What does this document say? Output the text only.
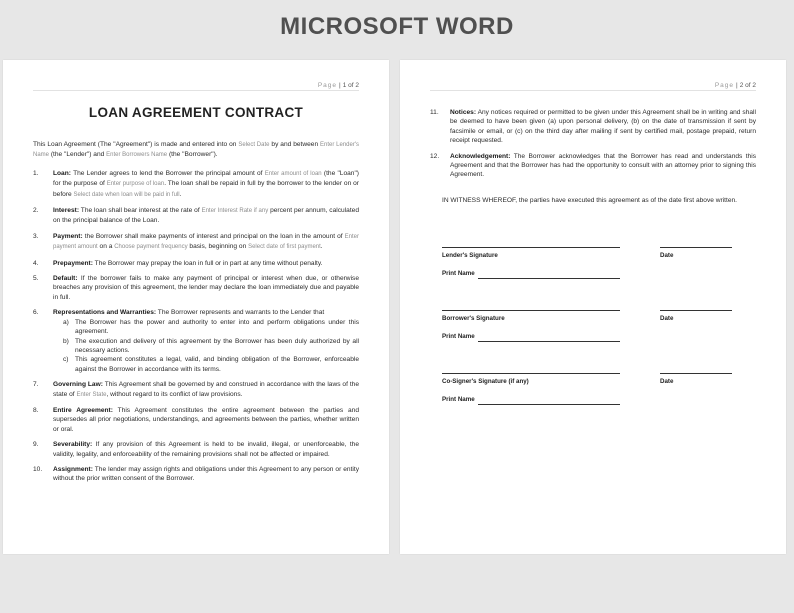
MICROSOFT WORD
Page | 1 of 2
LOAN AGREEMENT CONTRACT

This Loan Agreement (The "Agreement") is made and entered into on Select Date by and between Enter Lender's Name (the "Lender") and Enter Borrowers Name (the "Borrower").

1. Loan: The Lender agrees to lend the Borrower the principal amount of Enter amount of loan (the "Loan") for the purpose of Enter purpose of loan. The loan shall be repaid in full by the borrower to the lender on or before Select date when loan will be paid in full.
2. Interest: The loan shall bear interest at the rate of Enter Interest Rate if any percent per annum, calculated on the principal balance of the Loan.
3. Payment: the Borrower shall make payments of interest and principal on the loan in the amount of Enter payment amount on a Choose payment frequency basis, beginning on Select date of first payment.
4. Prepayment: The Borrower may prepay the loan in full or in part at any time without penalty.
5. Default: If the borrower fails to make any payment of principal or interest when due, or otherwise breaches any provision of this agreement, the lender may declare the loan immediately due and payable in full.
6. Representations and Warranties: The Borrower represents and warrants to the Lender that
a) The Borrower has the power and authority to enter into and perform obligations under this agreement.
b) The execution and delivery of this agreement by the Borrower has been duly authorized by all necessary actions.
c) This agreement constitutes a legal, valid, and binding obligation of the Borrower, enforceable against the Borrower in accordance with its terms.
7. Governing Law: This Agreement shall be governed by and construed in accordance with the laws of the state of Enter State, without regard to its conflict of law provisions.
8. Entire Agreement: This Agreement constitutes the entire agreement between the parties and supersedes all prior negotiations, understandings, and agreements between the parties, whether written or oral.
9. Severability: If any provision of this Agreement is held to be invalid, illegal, or unenforceable, the validity, legality, and enforceability of the remaining provisions shall not be affected or impaired.
10. Assignment: The lender may assign rights and obligations under this Agreement to any person or entity without the prior written consent of the Borrower.
Page | 2 of 2
11. Notices: Any notices required or permitted to be given under this Agreement shall be in writing and shall be deemed to have been given (a) upon personal delivery, (b) on the date of transmission if sent by facsimile or email, or (c) on the third day after mailing if sent by certified mail, postage prepaid, return receipt requested.
12. Acknowledgement: The Borrower acknowledges that the Borrower has read and understands this Agreement and that the Borrower has had the opportunity to consult with an attorney prior to signing this Agreement.

IN WITNESS WHEREOF, the parties have executed this agreement as of the date first above written.

Lender's Signature	Date
Print Name
Borrower's Signature	Date
Print Name
Co-Signer's Signature (if any)	Date
Print Name
